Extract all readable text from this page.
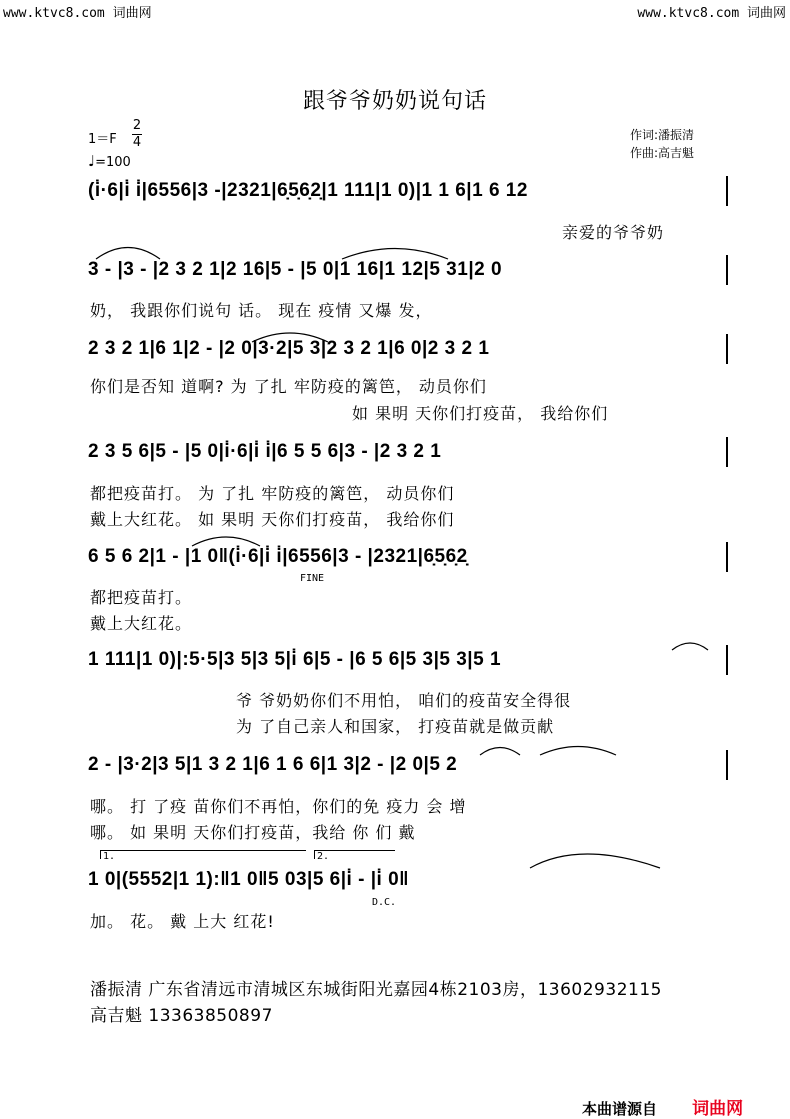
www.ktvc8.com 词曲网	www.ktvc8.com 词曲网
跟爷爷奶奶说句话
1＝F
2
4
♩=100
作词:潘振清
作曲:高吉魁
(i̇·6|i̇ i̇|6556|3 -|2321|6̣5̣6̣2̣|1 111|1 0)|1 1 6|1 6 12
亲爱的爷爷奶
3 - |3 - |2 3 2 1|2 16|5 - |5 0|1 16|1 12|5 31|2 0
奶， 我跟你们说句 话。 现在 疫情 又爆 发，
2 3 2 1|6 1|2 - |2 0|3·2|5 3|2 3 2 1|6 0|2 3 2 1
你们是否知 道啊? 为 了扎 牢防疫的篱笆， 动员你们
如 果明 天你们打疫苗， 我给你们
2 3 5 6|5 - |5 0|i̇·6|i̇ i̇|6 5 5 6|3 - |2 3 2 1
都把疫苗打。 为 了扎 牢防疫的篱笆， 动员你们
戴上大红花。 如 果明 天你们打疫苗， 我给你们
6 5 6 2|1 - |1 0‖(i̇·6|i̇ i̇|6556|3 - |2321|6̣5̣6̣2̣
FINE
都把疫苗打。
戴上大红花。
1 111|1 0)|:5·5|3 5|3 5|i̇ 6|5 - |6 5 6|5 3|5 3|5 1
爷 爷奶奶你们不用怕， 咱们的疫苗安全得很
为 了自己亲人和国家， 打疫苗就是做贡献
2 - |3·2|3 5|1 3 2 1|6 1 6 6|1 3|2 - |2 0|5 2
哪。 打 了疫 苗你们不再怕，你们的免 疫力 会 增
哪。 如 果明 天你们打疫苗，我给 你 们 戴
1.	2.
1 0|(5552|1 1):‖1 0‖5 03|5 6|i̇ - |i̇ 0‖
D.C.
加。 花。 戴 上大 红花!
潘振清 广东省清远市清城区东城街阳光嘉园4栋2103房，13602932115
高吉魁 13363850897
本曲谱源自 词曲网
